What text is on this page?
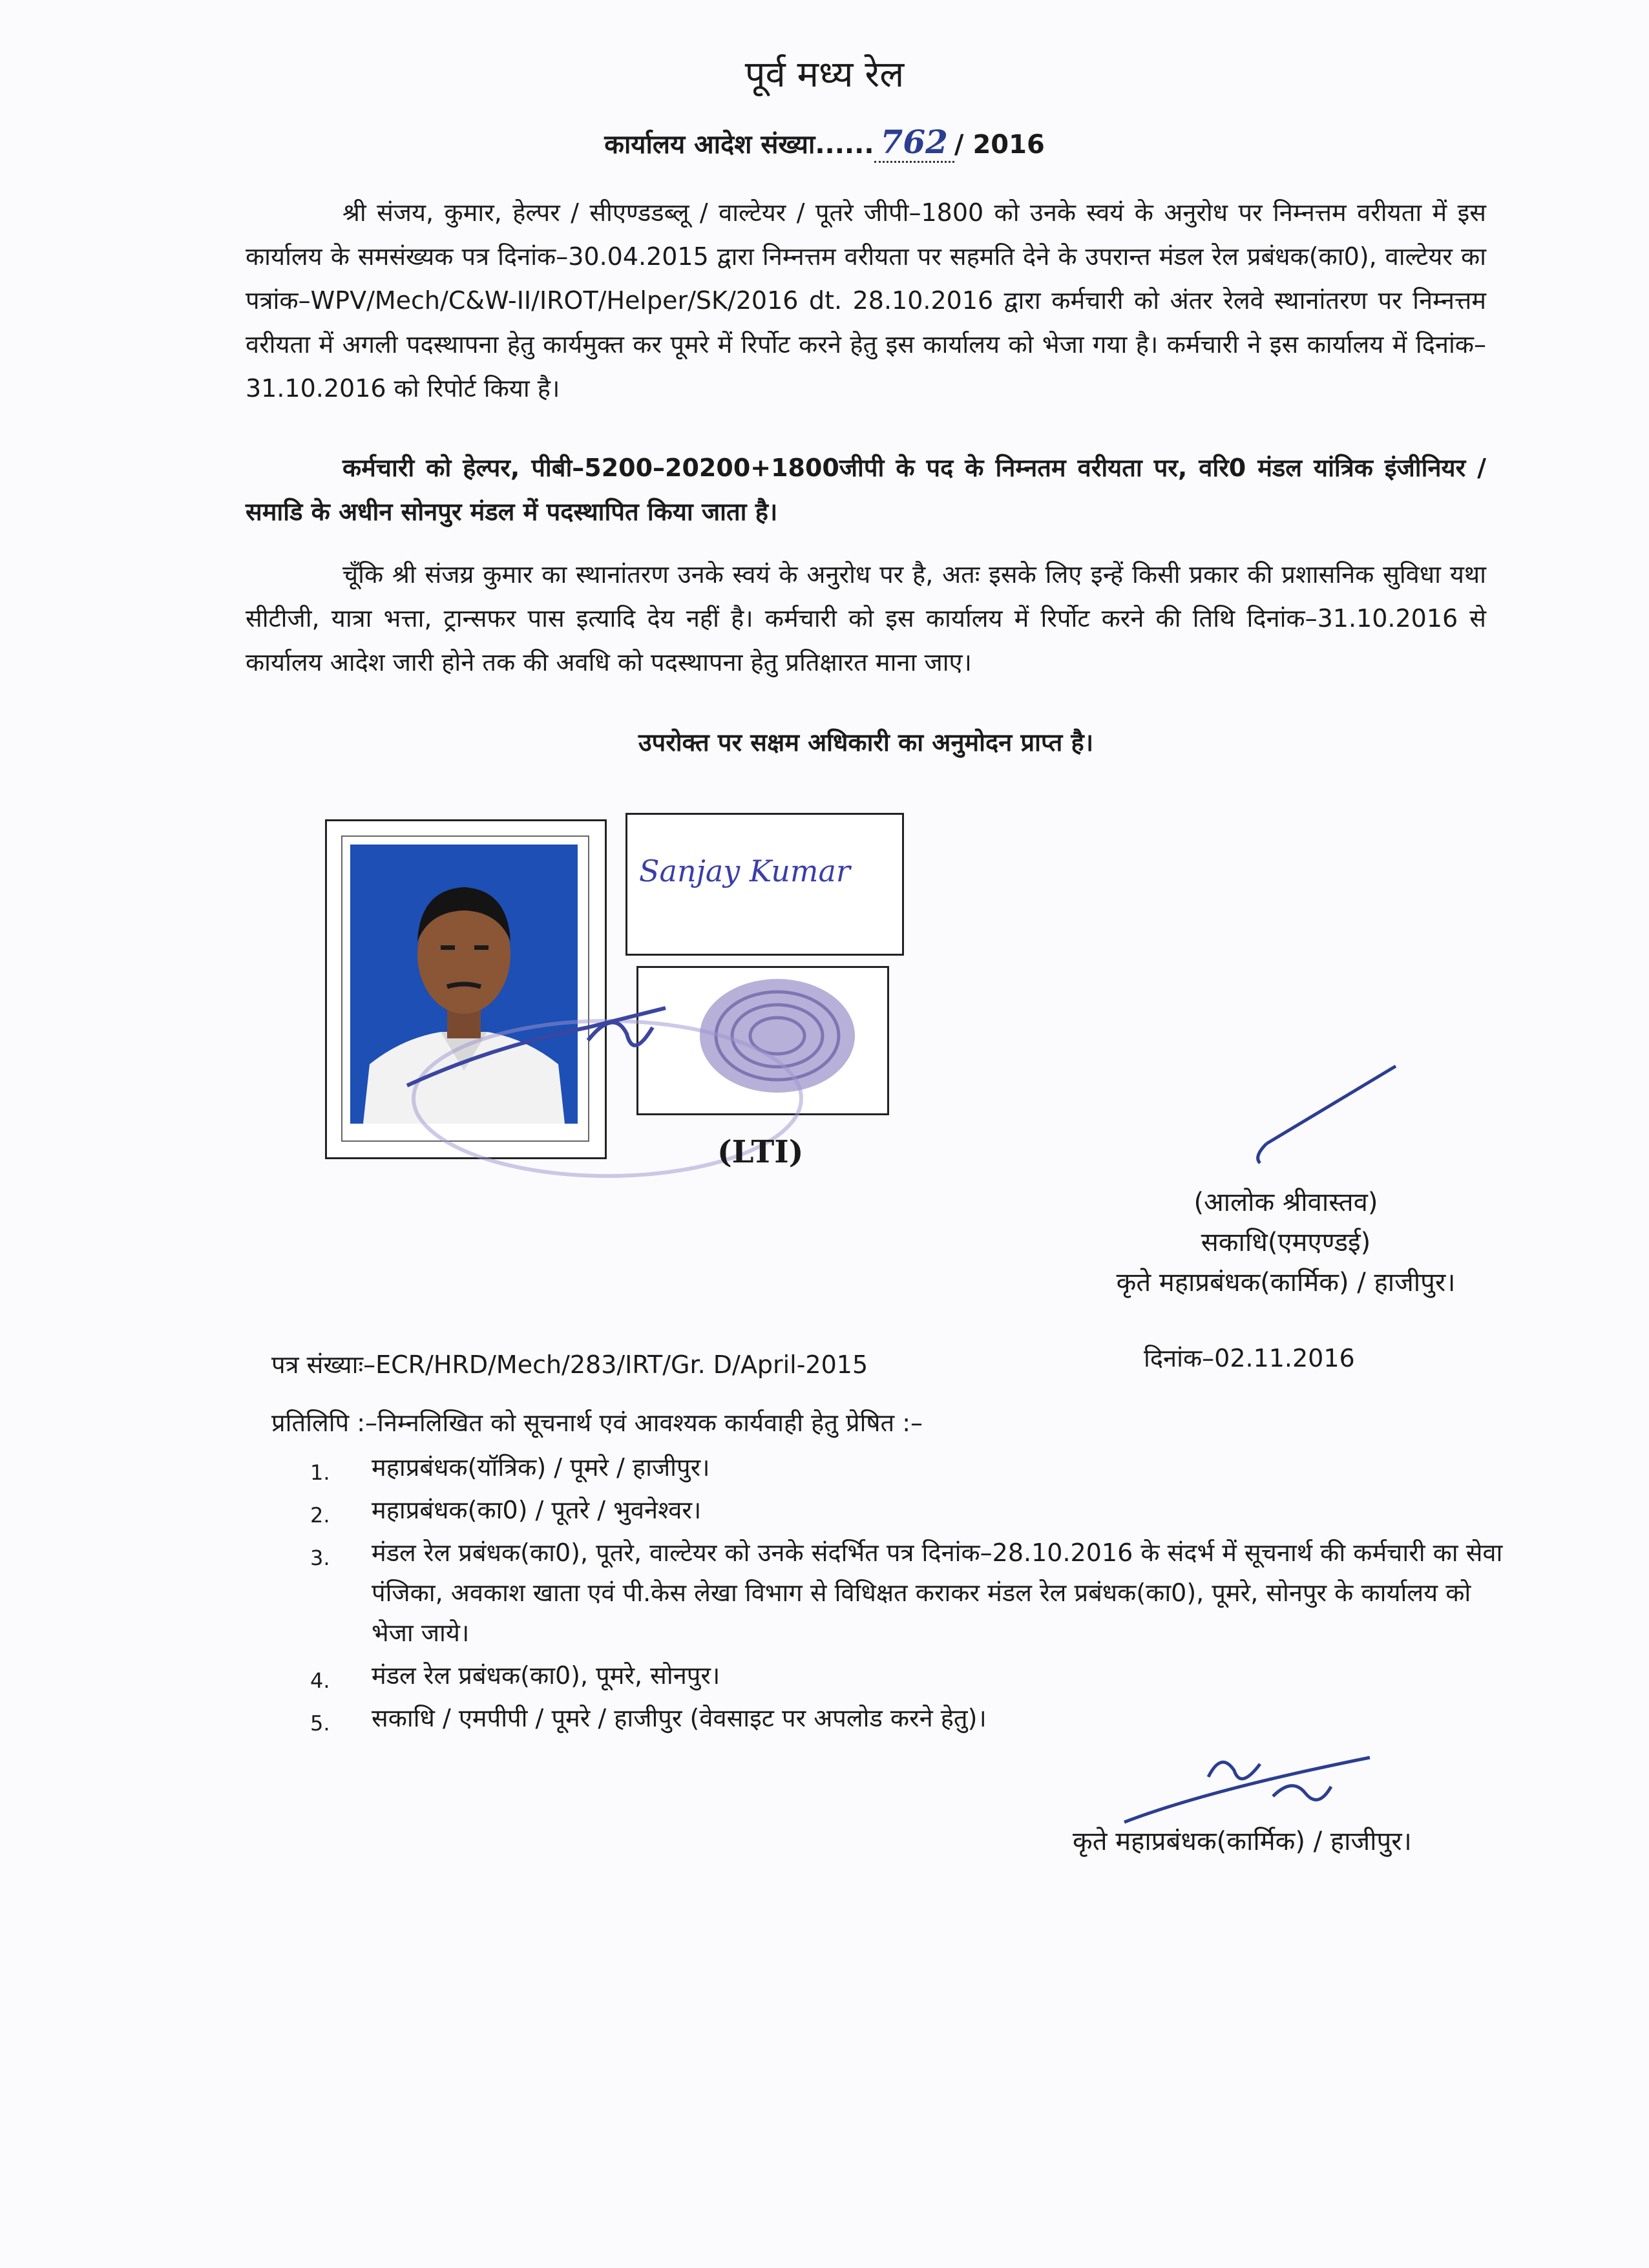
पूर्व मध्य रेल
कार्यालय आदेश संख्या...... 762 / 2016
श्री संजय, कुमार, हेल्पर / सीएण्डडब्लू / वाल्टेयर / पूतरे जीपी–1800 को उनके स्वयं के अनुरोध पर निम्नत्तम वरीयता में इस कार्यालय के समसंख्यक पत्र दिनांक–30.04.2015 द्वारा निम्नत्तम वरीयता पर सहमति देने के उपरान्त मंडल रेल प्रबंधक(का0), वाल्टेयर का पत्रांक–WPV/Mech/C&W-II/IROT/Helper/SK/2016 dt. 28.10.2016 द्वारा कर्मचारी को अंतर रेलवे स्थानांतरण पर निम्नत्तम वरीयता में अगली पदस्थापना हेतु कार्यमुक्त कर पूमरे में रिर्पोट करने हेतु इस कार्यालय को भेजा गया है। कर्मचारी ने इस कार्यालय में दिनांक–31.10.2016 को रिपोर्ट किया है।
कर्मचारी को हेल्पर, पीबी–5200–20200+1800जीपी के पद के निम्नतम वरीयता पर, वरि0 मंडल यांत्रिक इंजीनियर / समाडि के अधीन सोनपुर मंडल में पदस्थापित किया जाता है।
चूँकि श्री संजय्र कुमार का स्थानांतरण उनके स्वयं के अनुरोध पर है, अतः इसके लिए इन्हें किसी प्रकार की प्रशासनिक सुविधा यथा सीटीजी, यात्रा भत्ता, ट्रान्सफर पास इत्यादि देय नहीं है। कर्मचारी को इस कार्यालय में रिर्पोट करने की तिथि दिनांक–31.10.2016 से कार्यालय आदेश जारी होने तक की अवधि को पदस्थापना हेतु प्रतिक्षारत माना जाए।
उपरोक्त पर सक्षम अधिकारी का अनुमोदन प्राप्त है।
Sanjay Kumar
(LTI)
(आलोक श्रीवास्तव)
सकाधि(एमएण्डई)
कृते महाप्रबंधक(कार्मिक) / हाजीपुर।
पत्र संख्याः–ECR/HRD/Mech/283/IRT/Gr. D/April-2015	दिनांक–02.11.2016
प्रतिलिपि :–निम्नलिखित को सूचनार्थ एवं आवश्यक कार्यवाही हेतु प्रेषित :–
1. महाप्रबंधक(यॉत्रिक) / पूमरे / हाजीपुर।
2. महाप्रबंधक(का0) / पूतरे / भुवनेश्वर।
3. मंडल रेल प्रबंधक(का0), पूतरे, वाल्टेयर को उनके संदर्भित पत्र दिनांक–28.10.2016 के संदर्भ में सूचनार्थ की कर्मचारी का सेवा पंजिका, अवकाश खाता एवं पी.केस लेखा विभाग से विधिक्षत कराकर मंडल रेल प्रबंधक(का0), पूमरे, सोनपुर के कार्यालय को भेजा जाये।
4. मंडल रेल प्रबंधक(का0), पूमरे, सोनपुर।
5. सकाधि / एमपीपी / पूमरे / हाजीपुर (वेवसाइट पर अपलोड करने हेतु)।
कृते महाप्रबंधक(कार्मिक) / हाजीपुर।
